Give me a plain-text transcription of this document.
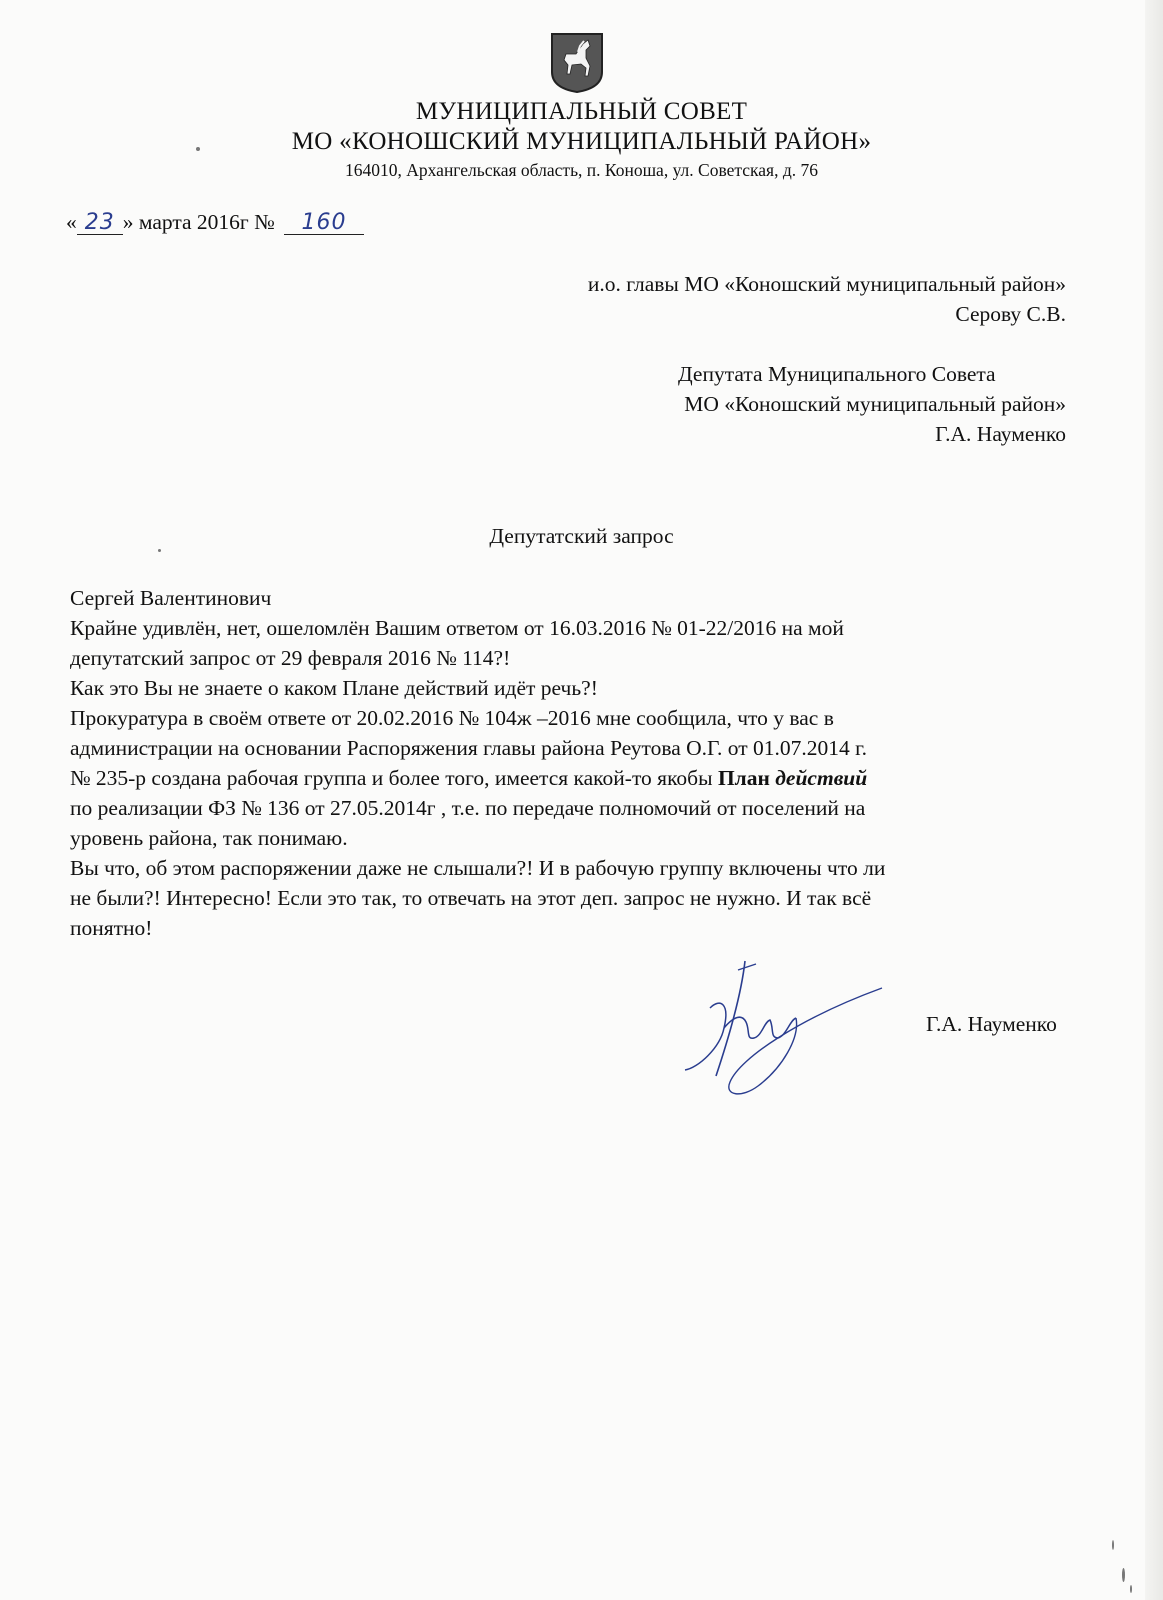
МУНИЦИПАЛЬНЫЙ СОВЕТ
МО «КОНОШСКИЙ МУНИЦИПАЛЬНЫЙ РАЙОН»
164010, Архангельская область, п. Коноша, ул. Советская, д. 76
« 23 » марта 2016г № 160
и.о. главы МО «Коношский муниципальный район»
Серову С.В.
Депутата Муниципального Совета
МО «Коношский муниципальный район»
Г.А. Науменко
Депутатский запрос
Сергей Валентинович
Крайне удивлён, нет, ошеломлён Вашим ответом от 16.03.2016 № 01-22/2016 на мой
депутатский запрос от 29 февраля 2016 № 114?!
Как это Вы не знаете о каком Плане действий идёт речь?!
Прокуратура в своём ответе от 20.02.2016 № 104ж –2016 мне сообщила, что у вас в
администрации на основании Распоряжения главы района Реутова О.Г. от 01.07.2014 г.
№ 235-р создана рабочая группа и более того, имеется какой-то якобы План действий
по реализации ФЗ № 136 от 27.05.2014г , т.е. по передаче полномочий от поселений на
уровень района, так понимаю.
Вы что, об этом распоряжении даже не слышали?! И в рабочую группу включены что ли
не были?! Интересно! Если это так, то отвечать на этот деп. запрос не нужно. И так всё
понятно!
Г.А. Науменко
